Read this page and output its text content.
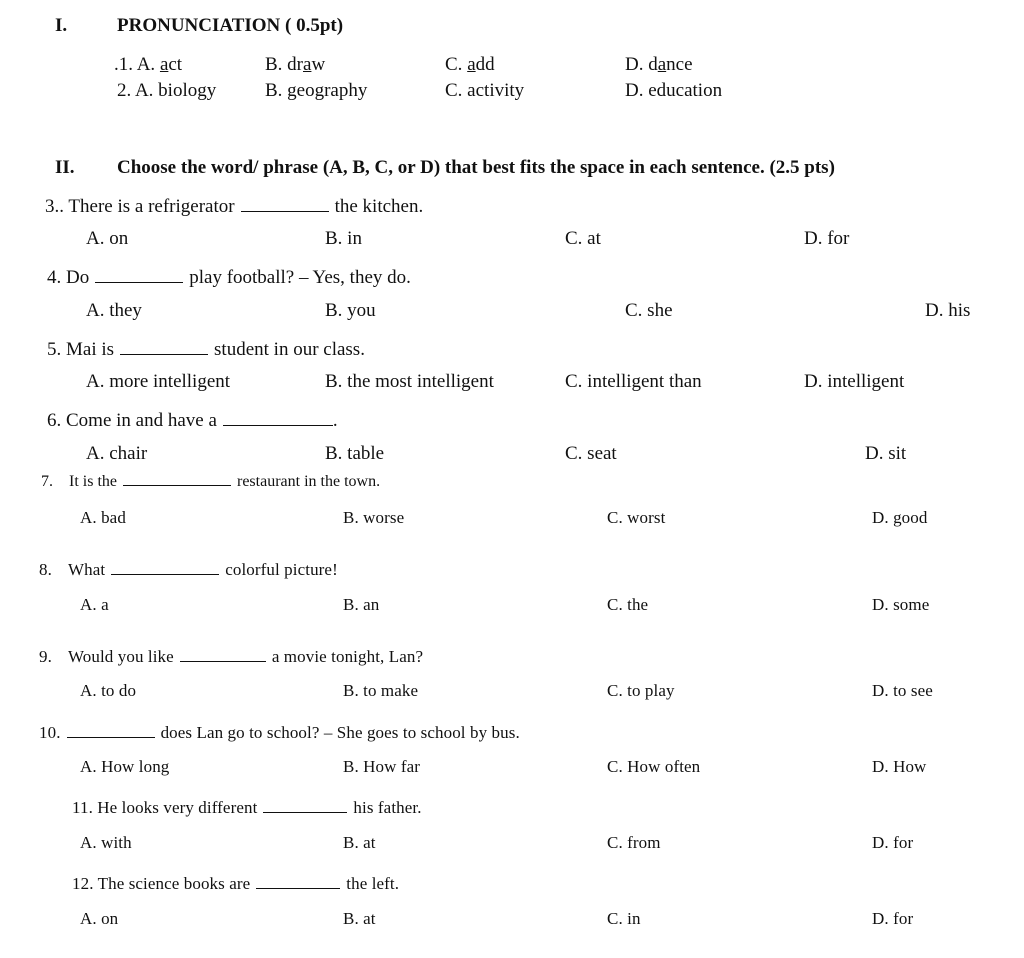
I.	PRONUNCIATION ( 0.5pt)
.1. A. act	B. draw	C. add	D. dance
2. A. biology	B. geography	C. activity	D. education
II. Choose the word/ phrase (A, B, C, or D) that best fits the space in each sentence. (2.5 pts)
3.. There is a refrigerator	the kitchen.
A. on	B. in	C. at	D. for
4. Do	play football? – Yes, they do.
A. they	B. you	C. she	D. his
5. Mai is	student in our class.
A. more intelligent	B. the most intelligent	C. intelligent than	D. intelligent
6. Come in and have a	.
A. chair	B. table	C. seat	D. sit
7. It is the	restaurant in the town.
A. bad	B. worse	C. worst	D. good
8. What	colorful picture!
A. a	B. an	C. the	D. some
9. Would you like	a movie tonight, Lan?
A. to do	B. to make	C. to play	D. to see
10.	does Lan go to school? – She goes to school by bus.
A. How long	B. How far	C. How often	D. How
11. He looks very different	his father.
A. with	B. at	C. from	D. for
12. The science books are	the left.
A. on	B. at	C. in	D. for
